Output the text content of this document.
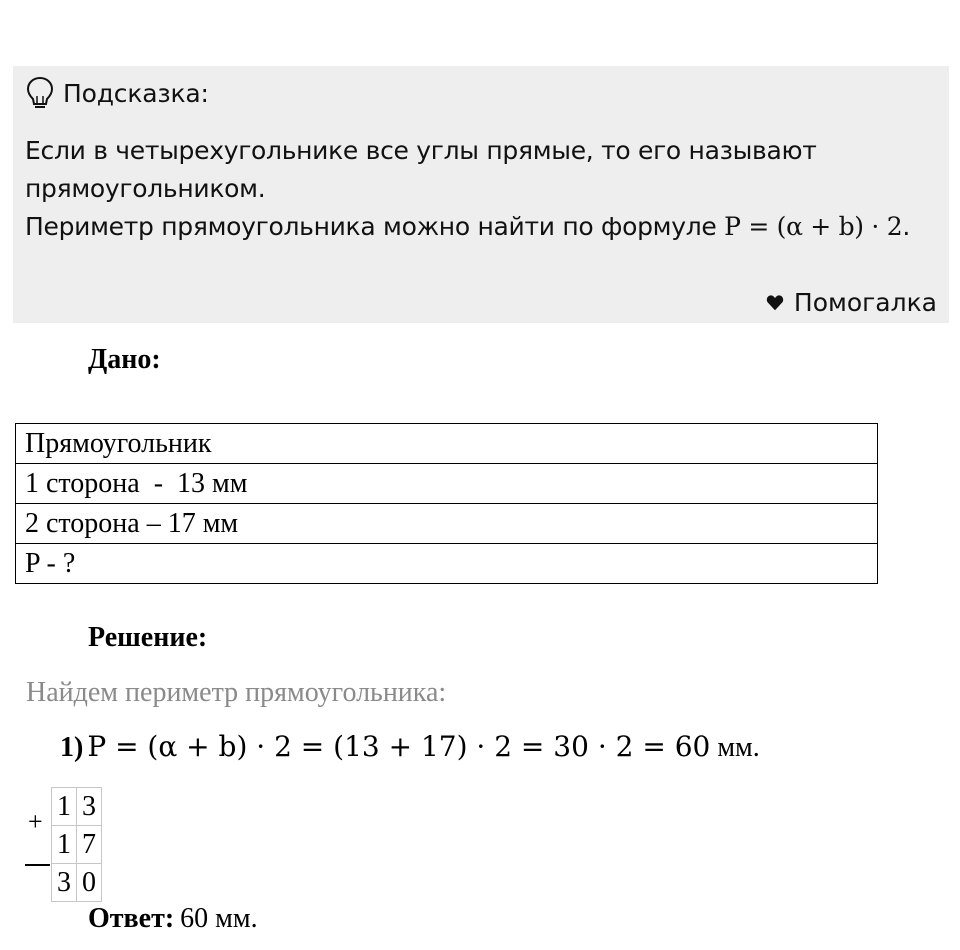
Подсказка:
Если в четырехугольнике все углы прямые, то его называют прямоугольником.
Периметр прямоугольника можно найти по формуле P = (α + b) · 2.
Помогалка
Дано:
Прямоугольник
1 сторона  -  13 мм
2 сторона – 17 мм
P - ?
Решение:
Найдем периметр прямоугольника:
1) P = (α + b) · 2 = (13 + 17) · 2 = 30 · 2 = 60 мм.
1	3
1	7
3	0
+
Ответ: 60 мм.
